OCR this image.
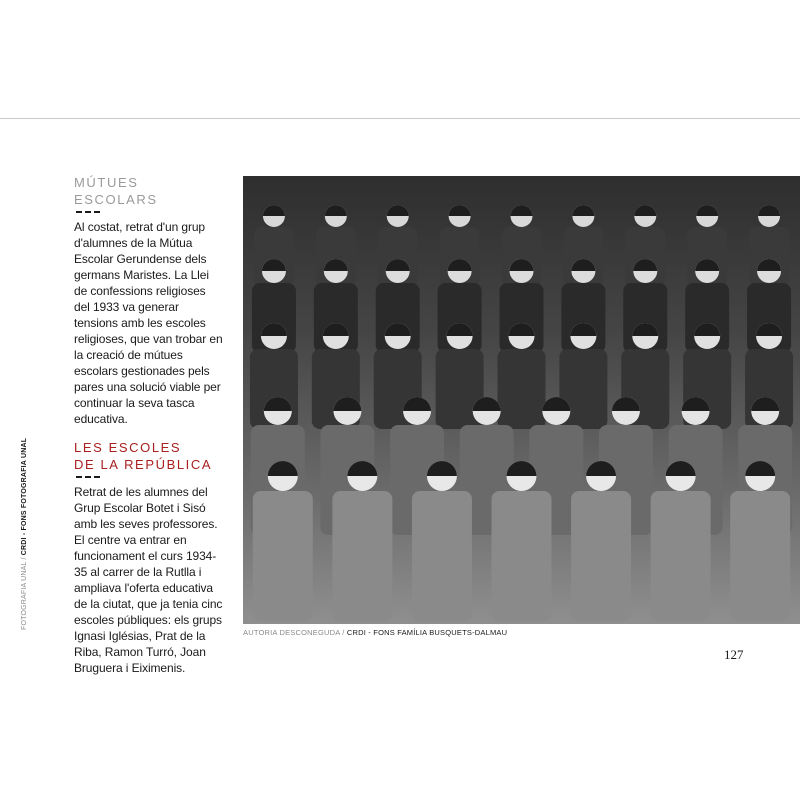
FOTOGRAFIA UNAL / CRDI - FONS FOTOGRAFIA UNAL
MÚTUES
ESCOLARS

Al costat, retrat d'un grup d'alumnes de la Mútua Escolar Gerundense dels germans Maristes. La Llei de confessions religioses del 1933 va generar tensions amb les escoles religioses, que van trobar en la creació de mútues escolars gestionades pels pares una solució viable per continuar la seva tasca educativa.

LES ESCOLES
DE LA REPÚBLICA

Retrat de les alumnes del Grup Escolar Botet i Sisó amb les seves professores. El centre va entrar en funcionament el curs 1934-35 al carrer de la Rutlla i ampliava l'oferta educativa de la ciutat, que ja tenia cinc escoles públiques: els grups Ignasi Iglésias, Prat de la Riba, Ramon Turró, Joan Bruguera i Eiximenis.

AUTORIA DESCONEGUDA / CRDI - FONS FAMÍLIA BUSQUETS-DALMAU
127
